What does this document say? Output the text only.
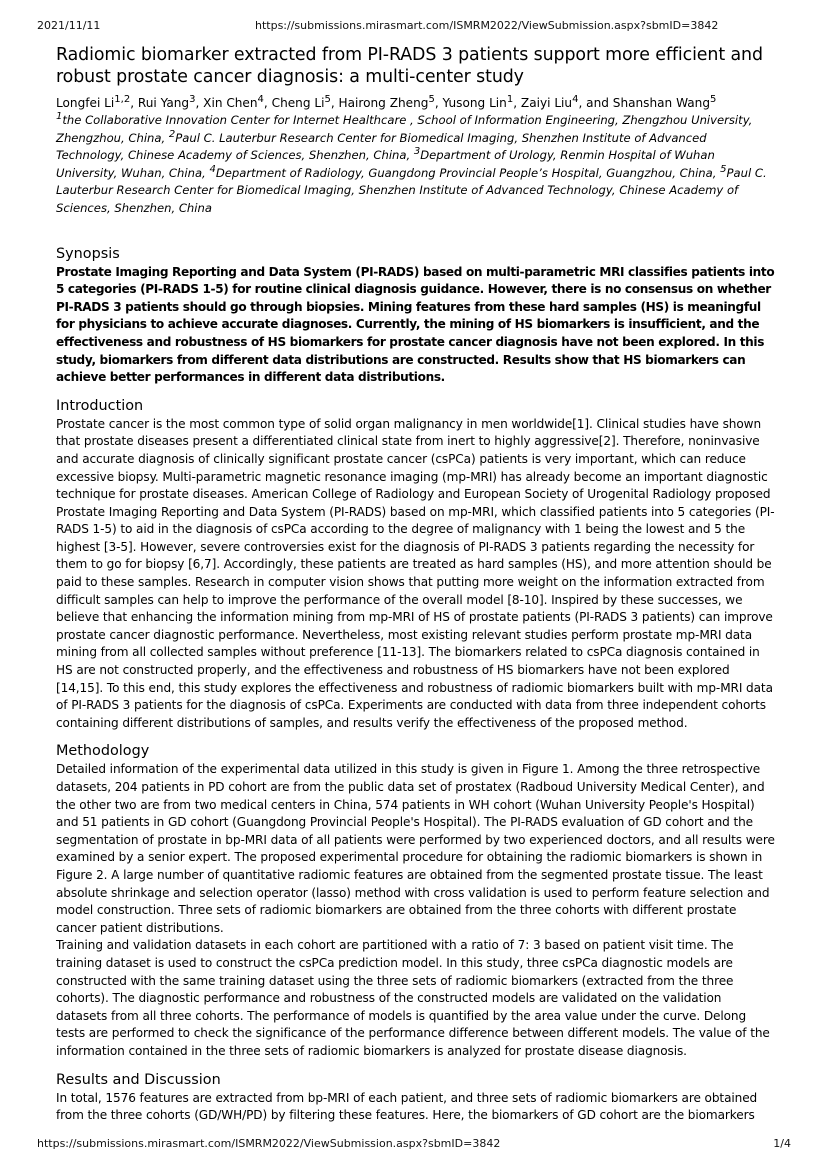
2021/11/11	https://submissions.mirasmart.com/ISMRM2022/ViewSubmission.aspx?sbmID=3842
Radiomic biomarker extracted from PI-RADS 3 patients support more efficient and robust prostate cancer diagnosis: a multi-center study
Longfei Li$^{1,2}$, Rui Yang$^3$, Xin Chen$^4$, Cheng Li$^5$, Hairong Zheng$^5$, Yusong Lin$^1$, Zaiyi Liu$^4$, and Shanshan Wang$^5$
$^1$the Collaborative Innovation Center for Internet Healthcare , School of Information Engineering, Zhengzhou University, Zhengzhou, China, $^2$Paul C. Lauterbur Research Center for Biomedical Imaging, Shenzhen Institute of Advanced Technology, Chinese Academy of Sciences, Shenzhen, China, $^3$Department of Urology, Renmin Hospital of Wuhan University, Wuhan, China, $^4$Department of Radiology, Guangdong Provincial People’s Hospital, Guangzhou, China, $^5$Paul C. Lauterbur Research Center for Biomedical Imaging, Shenzhen Institute of Advanced Technology, Chinese Academy of Sciences, Shenzhen, China
Synopsis

Prostate Imaging Reporting and Data System (PI-RADS) based on multi-parametric MRI classifies patients into 5 categories (PI-RADS 1-5) for routine clinical diagnosis guidance. However, there is no consensus on whether PI-RADS 3 patients should go through biopsies. Mining features from these hard samples (HS) is meaningful for physicians to achieve accurate diagnoses. Currently, the mining of HS biomarkers is insufficient, and the effectiveness and robustness of HS biomarkers for prostate cancer diagnosis have not been explored. In this study, biomarkers from different data distributions are constructed. Results show that HS biomarkers can achieve better performances in different data distributions.

Introduction

Prostate cancer is the most common type of solid organ malignancy in men worldwide[1]. Clinical studies have shown that prostate diseases present a differentiated clinical state from inert to highly aggressive[2]. Therefore, noninvasive and accurate diagnosis of clinically significant prostate cancer (csPCa) patients is very important, which can reduce excessive biopsy. Multi-parametric magnetic resonance imaging (mp-MRI) has already become an important diagnostic technique for prostate diseases. American College of Radiology and European Society of Urogenital Radiology proposed Prostate Imaging Reporting and Data System (PI-RADS) based on mp-MRI, which classified patients into 5 categories (PI-RADS 1-5) to aid in the diagnosis of csPCa according to the degree of malignancy with 1 being the lowest and 5 the highest [3-5]. However, severe controversies exist for the diagnosis of PI-RADS 3 patients regarding the necessity for them to go for biopsy [6,7]. Accordingly, these patients are treated as hard samples (HS), and more attention should be paid to these samples. Research in computer vision shows that putting more weight on the information extracted from difficult samples can help to improve the performance of the overall model [8-10]. Inspired by these successes, we believe that enhancing the information mining from mp-MRI of HS of prostate patients (PI-RADS 3 patients) can improve prostate cancer diagnostic performance. Nevertheless, most existing relevant studies perform prostate mp-MRI data mining from all collected samples without preference [11-13]. The biomarkers related to csPCa diagnosis contained in HS are not constructed properly, and the effectiveness and robustness of HS biomarkers have not been explored [14,15]. To this end, this study explores the effectiveness and robustness of radiomic biomarkers built with mp-MRI data of PI-RADS 3 patients for the diagnosis of csPCa. Experiments are conducted with data from three independent cohorts containing different distributions of samples, and results verify the effectiveness of the proposed method.

Methodology

Detailed information of the experimental data utilized in this study is given in Figure 1. Among the three retrospective datasets, 204 patients in PD cohort are from the public data set of prostatex (Radboud University Medical Center), and the other two are from two medical centers in China, 574 patients in WH cohort (Wuhan University People's Hospital) and 51 patients in GD cohort (Guangdong Provincial People's Hospital). The PI-RADS evaluation of GD cohort and the segmentation of prostate in bp-MRI data of all patients were performed by two experienced doctors, and all results were examined by a senior expert. The proposed experimental procedure for obtaining the radiomic biomarkers is shown in Figure 2. A large number of quantitative radiomic features are obtained from the segmented prostate tissue. The least absolute shrinkage and selection operator (lasso) method with cross validation is used to perform feature selection and model construction. Three sets of radiomic biomarkers are obtained from the three cohorts with different prostate cancer patient distributions.

Training and validation datasets in each cohort are partitioned with a ratio of 7: 3 based on patient visit time. The training dataset is used to construct the csPCa prediction model. In this study, three csPCa diagnostic models are constructed with the same training dataset using the three sets of radiomic biomarkers (extracted from the three cohorts). The diagnostic performance and robustness of the constructed models are validated on the validation datasets from all three cohorts. The performance of models is quantified by the area value under the curve. Delong tests are performed to check the significance of the performance difference between different models. The value of the information contained in the three sets of radiomic biomarkers is analyzed for prostate disease diagnosis.

Results and Discussion

In total, 1576 features are extracted from bp-MRI of each patient, and three sets of radiomic biomarkers are obtained from the three cohorts (GD/WH/PD) by filtering these features. Here, the biomarkers of GD cohort are the biomarkers

https://submissions.mirasmart.com/ISMRM2022/ViewSubmission.aspx?sbmID=3842	1/4
